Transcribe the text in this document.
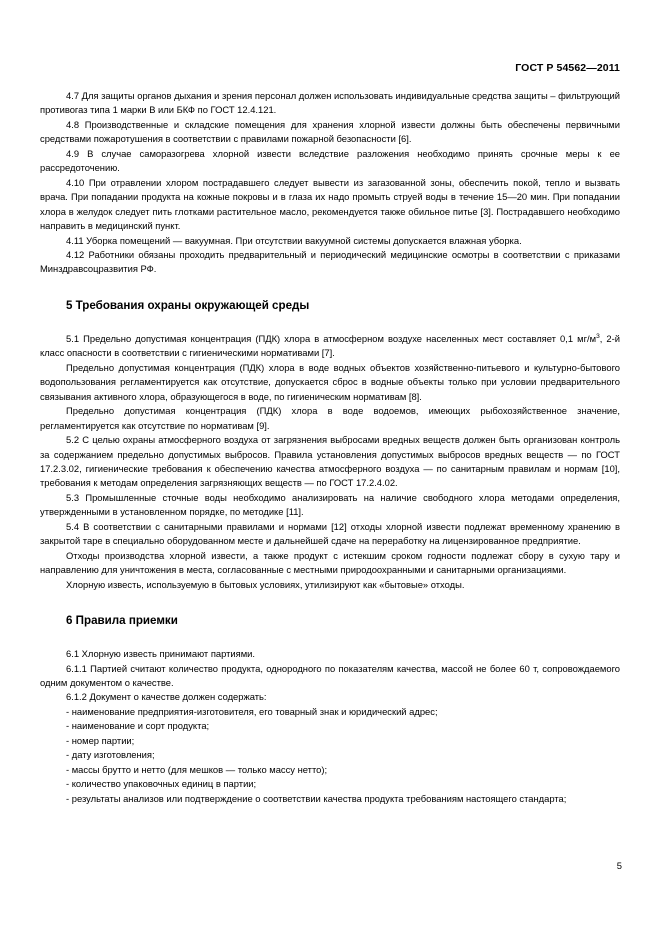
ГОСТ Р 54562—2011

4.7 Для защиты органов дыхания и зрения персонал должен использовать индивидуальные средства защиты – фильтрующий противогаз типа 1 марки В или БКФ по ГОСТ 12.4.121.

4.8 Производственные и складские помещения для хранения хлорной извести должны быть обеспечены первичными средствами пожаротушения в соответствии с правилами пожарной безопасности [6].

4.9 В случае саморазогрева хлорной извести вследствие разложения необходимо принять срочные меры к ее рассредоточению.

4.10 При отравлении хлором пострадавшего следует вывести из загазованной зоны, обеспечить покой, тепло и вызвать врача. При попадании продукта на кожные покровы и в глаза их надо промыть струей воды в течение 15—20 мин. При попадании хлора в желудок следует пить глотками растительное масло, рекомендуется также обильное питье [3]. Пострадавшего необходимо направить в медицинский пункт.

4.11 Уборка помещений — вакуумная. При отсутствии вакуумной системы допускается влажная уборка.

4.12 Работники обязаны проходить предварительный и периодический медицинские осмотры в соответствии с приказами Минздравсоцразвития РФ.

5 Требования охраны окружающей среды

5.1 Предельно допустимая концентрация (ПДК) хлора в атмосферном воздухе населенных мест составляет 0,1 $мг/м^3$, 2-й класс опасности в соответствии с гигиеническими нормативами [7].

Предельно допустимая концентрация (ПДК) хлора в воде водных объектов хозяйственно-питьевого и культурно-бытового водопользования регламентируется как отсутствие, допускается сброс в водные объекты только при условии предварительного связывания активного хлора, образующегося в воде, по гигиеническим нормативам [8].

Предельно допустимая концентрация (ПДК) хлора в воде водоемов, имеющих рыбохозяйственное значение, регламентируется как отсутствие по нормативам [9].

5.2 С целью охраны атмосферного воздуха от загрязнения выбросами вредных веществ должен быть организован контроль за содержанием предельно допустимых выбросов. Правила установления допустимых выбросов вредных веществ — по ГОСТ 17.2.3.02, гигиенические требования к обеспечению качества атмосферного воздуха — по санитарным правилам и нормам [10], требования к методам определения загрязняющих веществ — по ГОСТ 17.2.4.02.

5.3 Промышленные сточные воды необходимо анализировать на наличие свободного хлора методами определения, утвержденными в установленном порядке, по методике [11].

5.4 В соответствии с санитарными правилами и нормами [12] отходы хлорной извести подлежат временному хранению в закрытой таре в специально оборудованном месте и дальнейшей сдаче на переработку на лицензированное предприятие.

Отходы производства хлорной извести, а также продукт с истекшим сроком годности подлежат сбору в сухую тару и направлению для уничтожения в места, согласованные с местными природоохранными и санитарными организациями.

Хлорную известь, используемую в бытовых условиях, утилизируют как «бытовые» отходы.

6 Правила приемки

6.1 Хлорную известь принимают партиями.

6.1.1 Партией считают количество продукта, однородного по показателям качества, массой не более 60 т, сопровождаемого одним документом о качестве.

6.1.2 Документ о качестве должен содержать:

- наименование предприятия-изготовителя, его товарный знак и юридический адрес;

- наименование и сорт продукта;

- номер партии;

- дату изготовления;

- массы брутто и нетто (для мешков — только массу нетто);

- количество упаковочных единиц в партии;

- результаты анализов или подтверждение о соответствии качества продукта требованиям настоящего стандарта;

5
